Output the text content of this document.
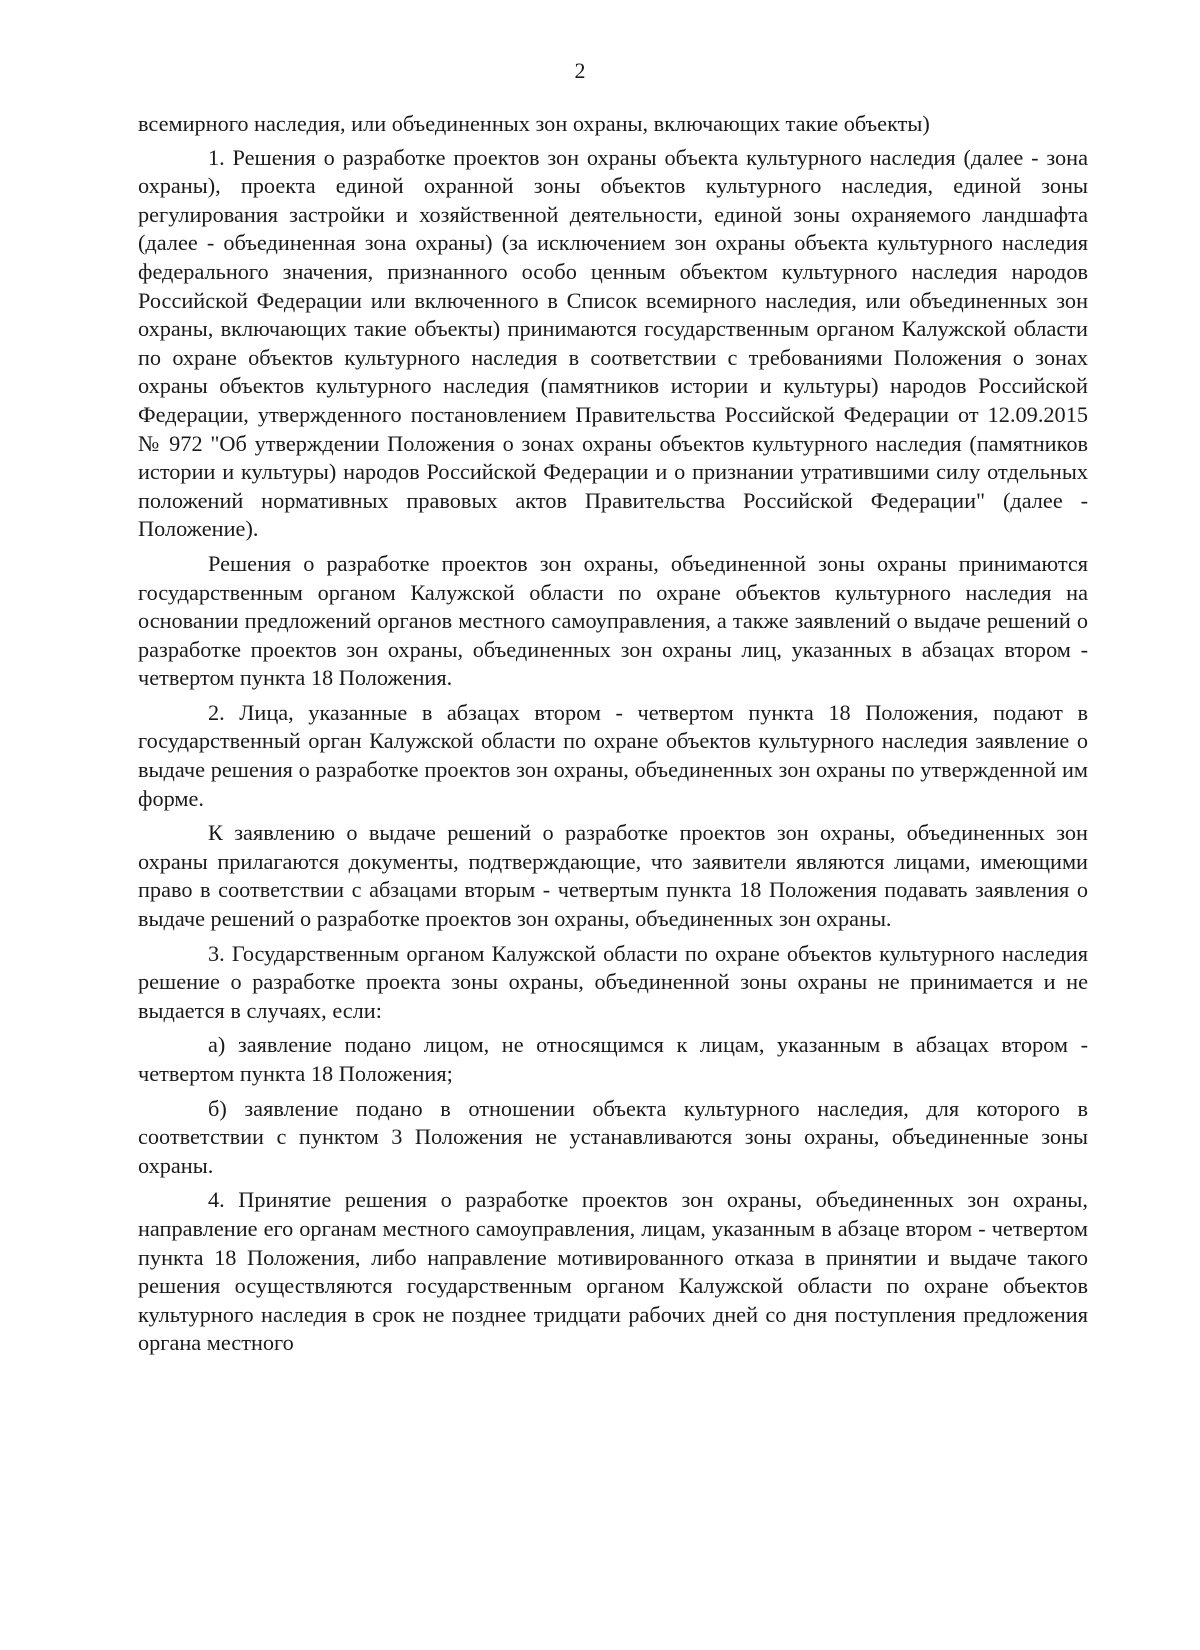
2

всемирного наследия, или объединенных зон охраны, включающих такие объекты)

1. Решения о разработке проектов зон охраны объекта культурного наследия (далее - зона охраны), проекта единой охранной зоны объектов культурного наследия, единой зоны регулирования застройки и хозяйственной деятельности, единой зоны охраняемого ландшафта (далее - объединенная зона охраны) (за исключением зон охраны объекта культурного наследия федерального значения, признанного особо ценным объектом культурного наследия народов Российской Федерации или включенного в Список всемирного наследия, или объединенных зон охраны, включающих такие объекты) принимаются государственным органом Калужской области по охране объектов культурного наследия в соответствии с требованиями Положения о зонах охраны объектов культурного наследия (памятников истории и культуры) народов Российской Федерации, утвержденного постановлением Правительства Российской Федерации от 12.09.2015 № 972 "Об утверждении Положения о зонах охраны объектов культурного наследия (памятников истории и культуры) народов Российской Федерации и о признании утратившими силу отдельных положений нормативных правовых актов Правительства Российской Федерации" (далее - Положение).

Решения о разработке проектов зон охраны, объединенной зоны охраны принимаются государственным органом Калужской области по охране объектов культурного наследия на основании предложений органов местного самоуправления, а также заявлений о выдаче решений о разработке проектов зон охраны, объединенных зон охраны лиц, указанных в абзацах втором - четвертом пункта 18 Положения.

2. Лица, указанные в абзацах втором - четвертом пункта 18 Положения, подают в государственный орган Калужской области по охране объектов культурного наследия заявление о выдаче решения о разработке проектов зон охраны, объединенных зон охраны по утвержденной им форме.

К заявлению о выдаче решений о разработке проектов зон охраны, объединенных зон охраны прилагаются документы, подтверждающие, что заявители являются лицами, имеющими право в соответствии с абзацами вторым - четвертым пункта 18 Положения подавать заявления о выдаче решений о разработке проектов зон охраны, объединенных зон охраны.

3. Государственным органом Калужской области по охране объектов культурного наследия решение о разработке проекта зоны охраны, объединенной зоны охраны не принимается и не выдается в случаях, если:

а) заявление подано лицом, не относящимся к лицам, указанным в абзацах втором - четвертом пункта 18 Положения;

б) заявление подано в отношении объекта культурного наследия, для которого в соответствии с пунктом 3 Положения не устанавливаются зоны охраны, объединенные зоны охраны.

4. Принятие решения о разработке проектов зон охраны, объединенных зон охраны, направление его органам местного самоуправления, лицам, указанным в абзаце втором - четвертом пункта 18 Положения, либо направление мотивированного отказа в принятии и выдаче такого решения осуществляются государственным органом Калужской области по охране объектов культурного наследия в срок не позднее тридцати рабочих дней со дня поступления предложения органа местного
